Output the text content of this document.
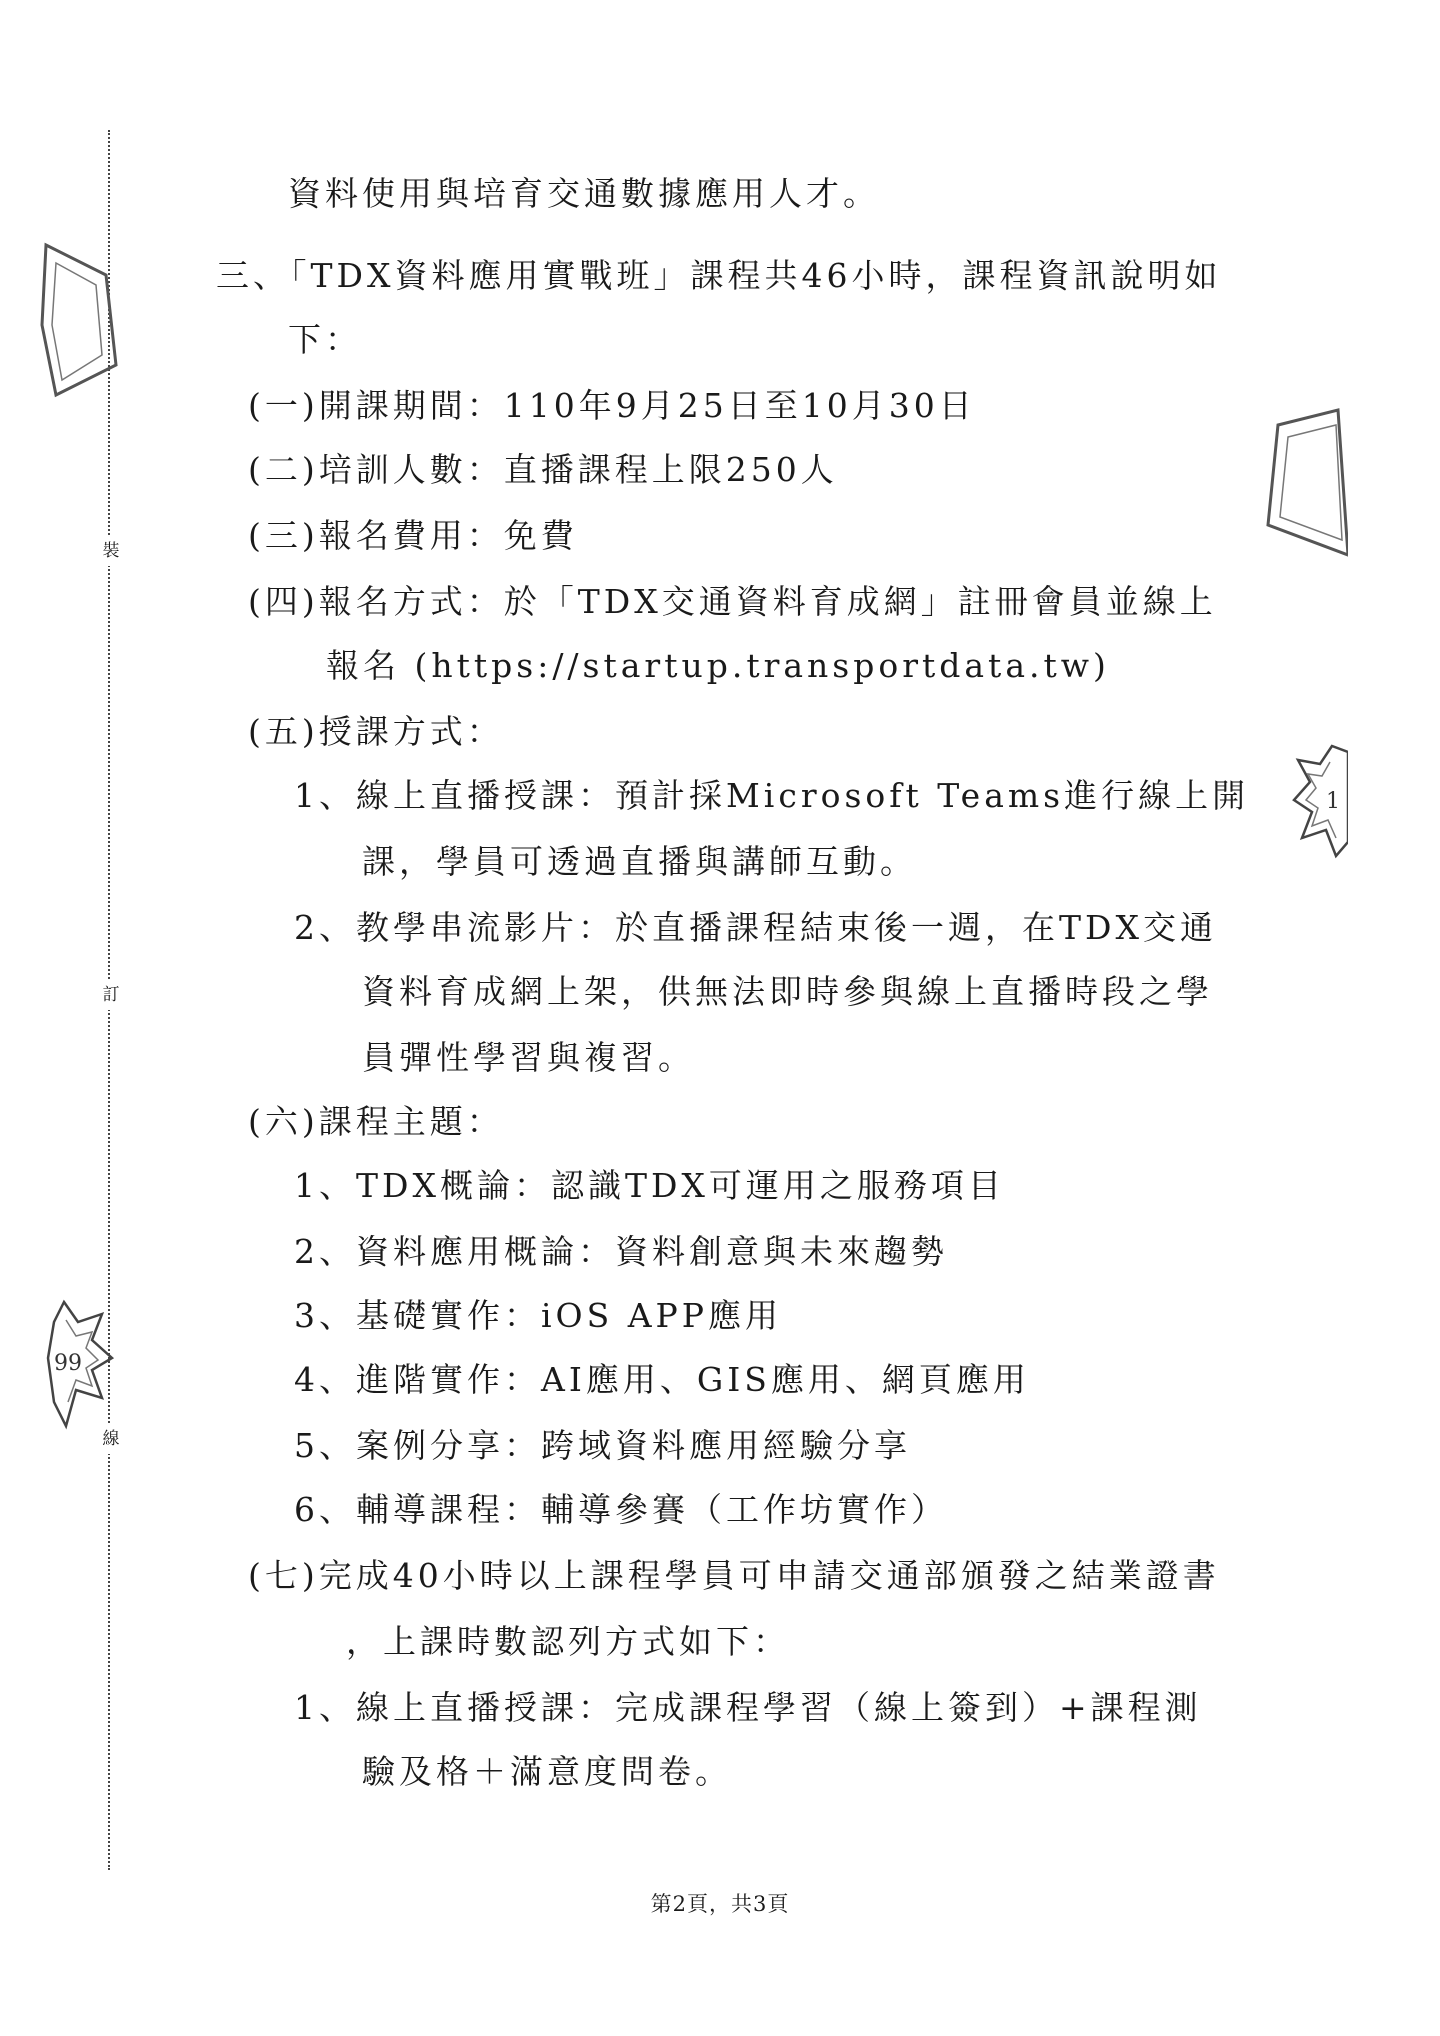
裝
訂
線
1
99
資料使用與培育交通數據應用人才。
三、「TDX資料應用實戰班」課程共46小時，課程資訊說明如
下：
(一)開課期間：110年9月25日至10月30日
(二)培訓人數：直播課程上限250人
(三)報名費用：免費
(四)報名方式：於「TDX交通資料育成網」註冊會員並線上
報名 (https://startup.transportdata.tw)
(五)授課方式：
1、線上直播授課：預計採Microsoft Teams進行線上開
課，學員可透過直播與講師互動。
2、教學串流影片：於直播課程結束後一週，在TDX交通
資料育成網上架，供無法即時參與線上直播時段之學
員彈性學習與複習。
(六)課程主題：
1、TDX概論：認識TDX可運用之服務項目
2、資料應用概論：資料創意與未來趨勢
3、基礎實作：iOS APP應用
4、進階實作：AI應用、GIS應用、網頁應用
5、案例分享：跨域資料應用經驗分享
6、輔導課程：輔導參賽（工作坊實作）
(七)完成40小時以上課程學員可申請交通部頒發之結業證書
，上課時數認列方式如下：
1、線上直播授課：完成課程學習（線上簽到）+課程測
驗及格＋滿意度問卷。
第2頁，共3頁
